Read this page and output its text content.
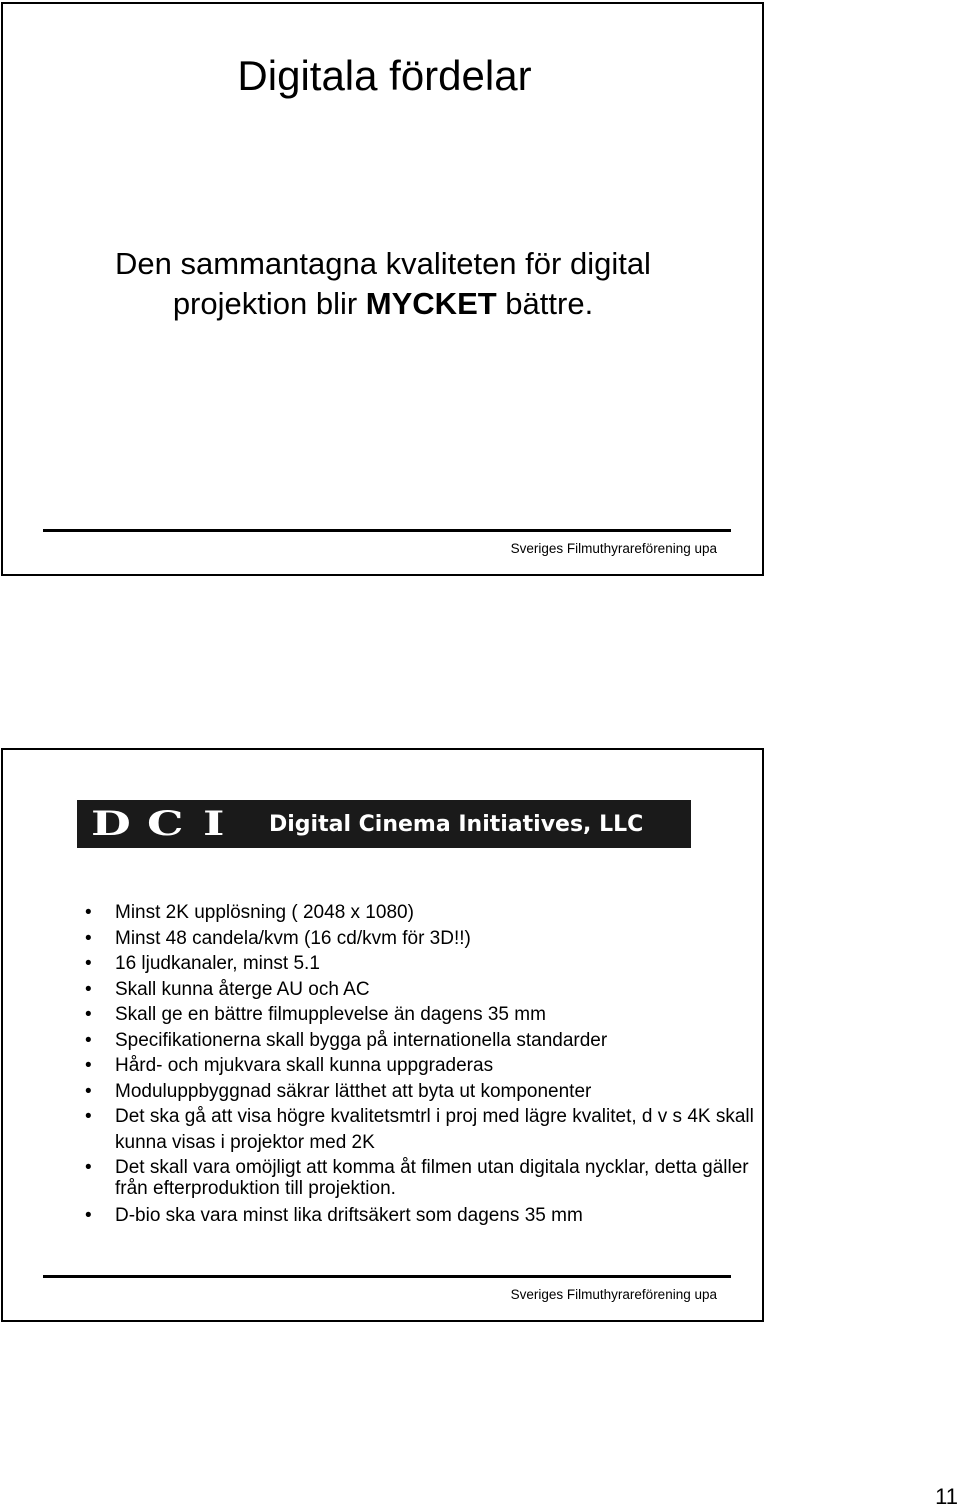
Digitala fördelar

Den sammantagna kvaliteten för digital
projektion blir MYCKET bättre.

Sveriges Filmuthyrareförening upa
D C I	Digital Cinema Initiatives, LLC
• Minst 2K upplösning ( 2048 x 1080)
• Minst 48 candela/kvm (16 cd/kvm för 3D!!)
• 16 ljudkanaler, minst 5.1
• Skall kunna återge AU och AC
• Skall ge en bättre filmupplevelse än dagens 35 mm
• Specifikationerna skall bygga på internationella standarder
• Hård- och mjukvara skall kunna uppgraderas
• Moduluppbyggnad säkrar lätthet att byta ut komponenter
• Det ska gå att visa högre kvalitetsmtrl i proj med lägre kvalitet, d v s 4K skall kunna visas i projektor med 2K
• Det skall vara omöjligt att komma åt filmen utan digitala nycklar, detta gäller från efterproduktion till projektion.
• D-bio ska vara minst lika driftsäkert som dagens 35 mm
Sveriges Filmuthyrareförening upa
11
